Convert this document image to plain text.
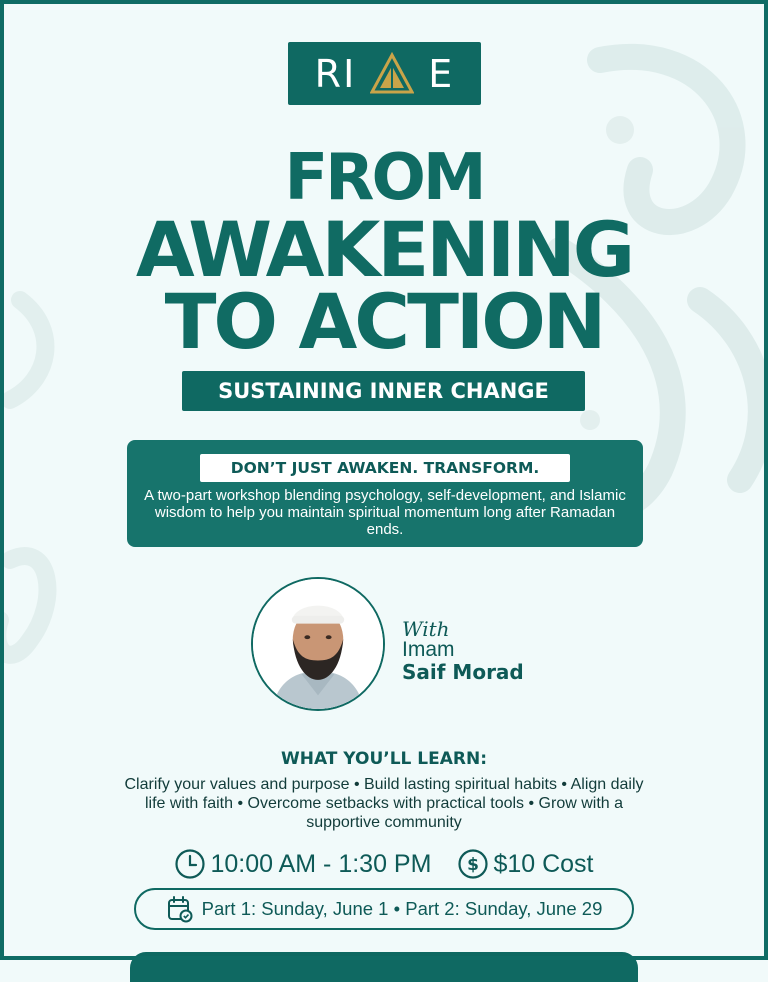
RI E
FROM
AWAKENING
TO ACTION
SUSTAINING INNER CHANGE
DON’T JUST AWAKEN. TRANSFORM.
A two-part workshop blending psychology, self-development, and Islamic wisdom to help you maintain spiritual momentum long after Ramadan ends.
With
Imam
Saif Morad
WHAT YOU’LL LEARN:
Clarify your values and purpose • Build lasting spiritual habits • Align daily life with faith • Overcome setbacks with practical tools • Grow with a supportive community
10:00 AM - 1:30 PM $ $10 Cost
Part 1: Sunday, June 1 • Part 2: Sunday, June 29
